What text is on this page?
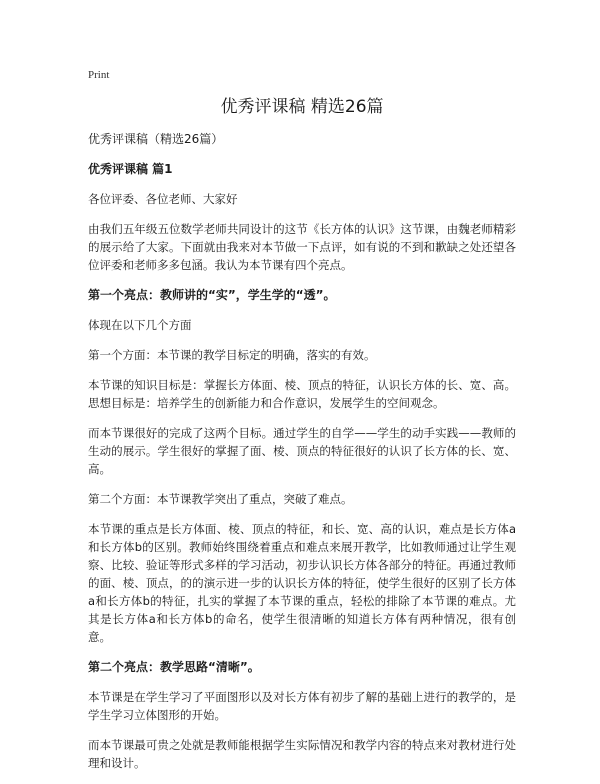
Print
优秀评课稿 精选26篇
优秀评课稿（精选26篇）
优秀评课稿 篇1

各位评委、各位老师、大家好

由我们五年级五位数学老师共同设计的这节《长方体的认识》这节课，由魏老师精彩的展示给了大家。下面就由我来对本节做一下点评，如有说的不到和歉缺之处还望各位评委和老师多多包涵。我认为本节课有四个亮点。

第一个亮点：教师讲的“实”，学生学的“透”。

体现在以下几个方面

第一个方面：本节课的教学目标定的明确，落实的有效。

本节课的知识目标是：掌握长方体面、棱、顶点的特征，认识长方体的长、宽、高。思想目标是：培养学生的创新能力和合作意识，发展学生的空间观念。

而本节课很好的完成了这两个目标。通过学生的自学——学生的动手实践——教师的生动的展示。学生很好的掌握了面、棱、顶点的特征很好的认识了长方体的长、宽、高。

第二个方面：本节课教学突出了重点，突破了难点。

本节课的重点是长方体面、棱、顶点的特征，和长、宽、高的认识，难点是长方体a和长方体b的区别。教师始终围绕着重点和难点来展开教学，比如教师通过让学生观察、比较、验证等形式多样的学习活动，初步认识长方体各部分的特征。再通过教师的面、棱、顶点，的的演示进一步的认识长方体的特征，使学生很好的区别了长方体a和长方体b的特征，扎实的掌握了本节课的重点，轻松的排除了本节课的难点。尤其是长方体a和长方体b的命名，使学生很清晰的知道长方体有两种情况，很有创意。

第二个亮点：教学思路“清晰”。

本节课是在学生学习了平面图形以及对长方体有初步了解的基础上进行的教学的，是学生学习立体图形的开始。

而本节课最可贵之处就是教师能根据学生实际情况和教学内容的特点来对教材进行处理和设计。
